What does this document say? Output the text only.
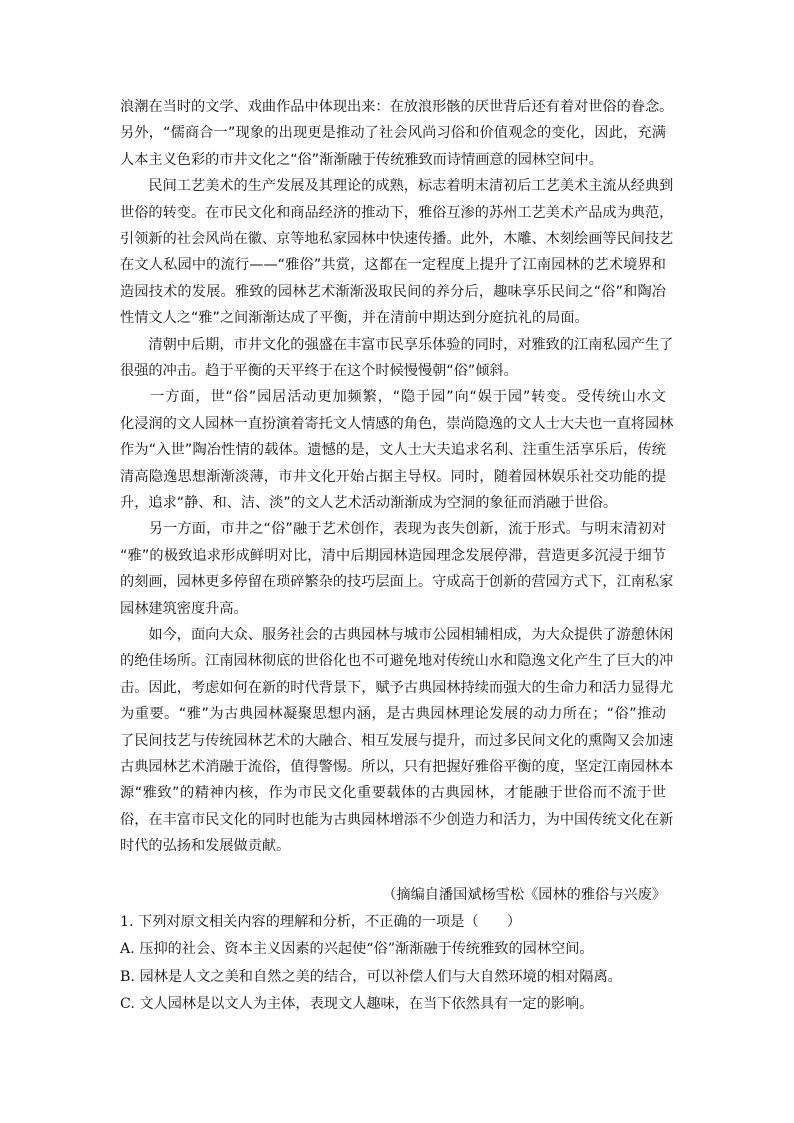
浪潮在当时的文学、戏曲作品中体现出来：在放浪形骸的厌世背后还有着对世俗的眷念。
另外，“儒商合一”现象的出现更是推动了社会风尚习俗和价值观念的变化，因此，充满
人本主义色彩的市井文化之“俗”渐渐融于传统雅致而诗情画意的园林空间中。
　　民间工艺美术的生产发展及其理论的成熟，标志着明末清初后工艺美术主流从经典到
世俗的转变。在市民文化和商品经济的推动下，雅俗互渗的苏州工艺美术产品成为典范，
引领新的社会风尚在徽、京等地私家园林中快速传播。此外，木雕、木刻绘画等民间技艺
在文人私园中的流行——“雅俗”共赏，这都在一定程度上提升了江南园林的艺术境界和
造园技术的发展。雅致的园林艺术渐渐汲取民间的养分后，趣味享乐民间之“俗”和陶冶
性情文人之“雅”之间渐渐达成了平衡，并在清前中期达到分庭抗礼的局面。
　　清朝中后期，市井文化的强盛在丰富市民享乐体验的同时，对雅致的江南私园产生了
很强的冲击。趋于平衡的天平终于在这个时候慢慢朝“俗”倾斜。
　　一方面，世“俗”园居活动更加频繁，“隐于园”向“娱于园”转变。受传统山水文
化浸润的文人园林一直扮演着寄托文人情感的角色，崇尚隐逸的文人士大夫也一直将园林
作为“入世”陶冶性情的载体。遗憾的是，文人士大夫追求名利、注重生活享乐后，传统
清高隐逸思想渐渐淡薄，市井文化开始占据主导权。同时，随着园林娱乐社交功能的提
升，追求“静、和、洁、淡”的文人艺术活动渐渐成为空洞的象征而消融于世俗。
　　另一方面，市井之“俗”融于艺术创作，表现为丧失创新，流于形式。与明末清初对
“雅”的极致追求形成鲜明对比，清中后期园林造园理念发展停滞，营造更多沉浸于细节
的刻画，园林更多停留在琐碎繁杂的技巧层面上。守成高于创新的营园方式下，江南私家
园林建筑密度升高。
　　如今，面向大众、服务社会的古典园林与城市公园相辅相成，为大众提供了游憩休闲
的绝佳场所。江南园林彻底的世俗化也不可避免地对传统山水和隐逸文化产生了巨大的冲
击。因此，考虑如何在新的时代背景下，赋予古典园林持续而强大的生命力和活力显得尤
为重要。“雅”为古典园林凝聚思想内涵，是古典园林理论发展的动力所在；“俗”推动
了民间技艺与传统园林艺术的大融合、相互发展与提升，而过多民间文化的熏陶又会加速
古典园林艺术消融于流俗，值得警惕。所以，只有把握好雅俗平衡的度，坚定江南园林本
源“雅致”的精神内核，作为市民文化重要载体的古典园林，才能融于世俗而不流于世
俗，在丰富市民文化的同时也能为古典园林增添不少创造力和活力，为中国传统文化在新
时代的弘扬和发展做贡献。
（摘编自潘国斌杨雪松《园林的雅俗与兴废》
1. 下列对原文相关内容的理解和分析，不正确的一项是（　　）
A. 压抑的社会、资本主义因素的兴起使“俗”渐渐融于传统雅致的园林空间。
B. 园林是人文之美和自然之美的结合，可以补偿人们与大自然环境的相对隔离。
C. 文人园林是以文人为主体，表现文人趣味，在当下依然具有一定的影响。
